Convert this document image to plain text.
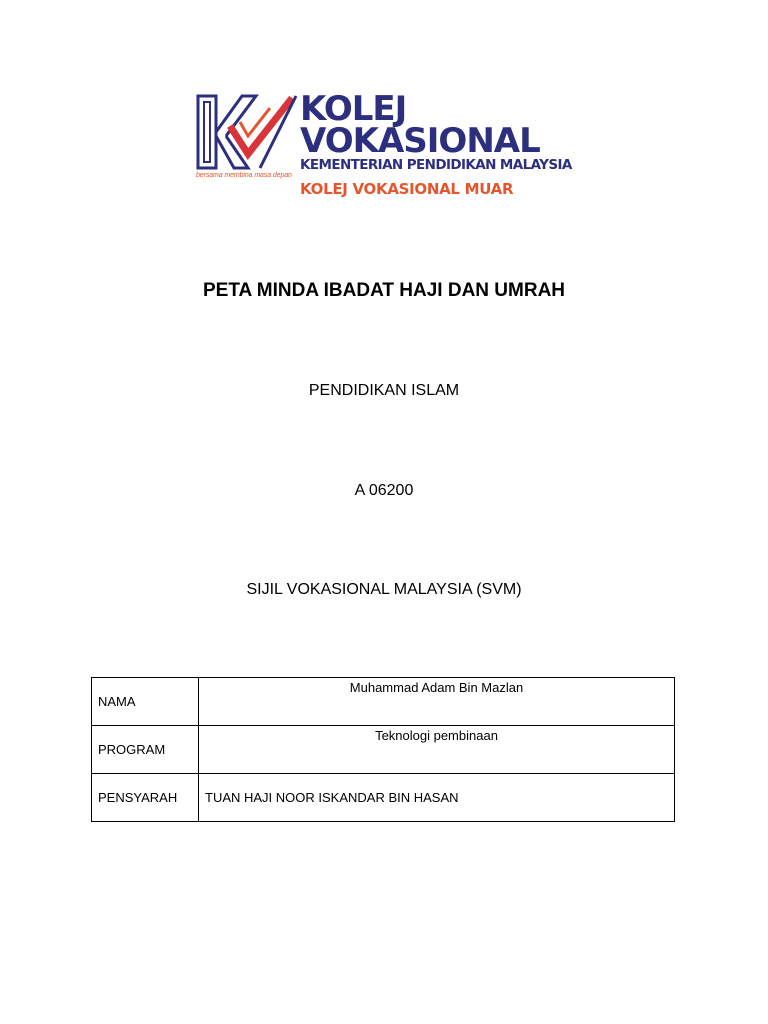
bersama membina masa depan
KOLEJ
VOKASIONAL
KEMENTERIAN PENDIDIKAN MALAYSIA
KOLEJ VOKASIONAL MUAR
PETA MINDA IBADAT HAJI DAN UMRAH
PENDIDIKAN ISLAM
A 06200
SIJIL VOKASIONAL MALAYSIA (SVM)
NAMA	Muhammad Adam Bin Mazlan
PROGRAM	Teknologi pembinaan
PENSYARAH	TUAN HAJI NOOR ISKANDAR BIN HASAN
